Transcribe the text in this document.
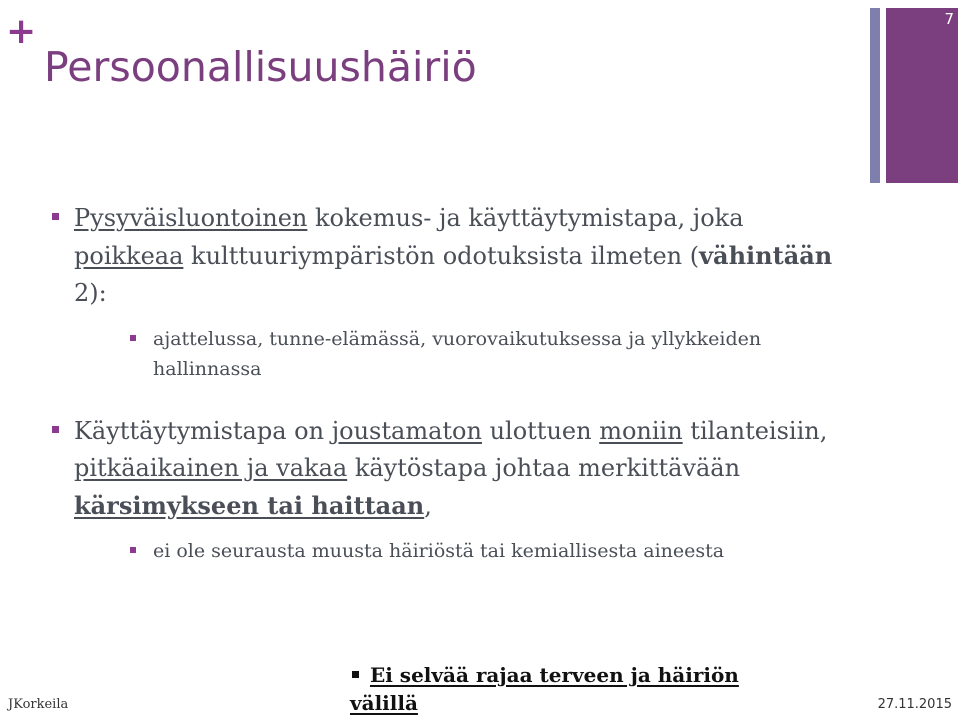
+
Persoonallisuushäiriö
7
Pysyväisluontoinen kokemus- ja käyttäytymistapa, joka poikkeaa kulttuuriympäristön odotuksista ilmeten (vähintään 2):
ajattelussa, tunne-elämässä, vuorovaikutuksessa ja yllykkeiden hallinnassa
Käyttäytymistapa on joustamaton ulottuen moniin tilanteisiin, pitkäaikainen ja vakaa käytöstapa johtaa merkittävään kärsimykseen tai haittaan,
ei ole seurausta muusta häiriöstä tai kemiallisesta aineesta
Ei selvää rajaa terveen ja häiriön
välillä
JKorkeila	27.11.2015
